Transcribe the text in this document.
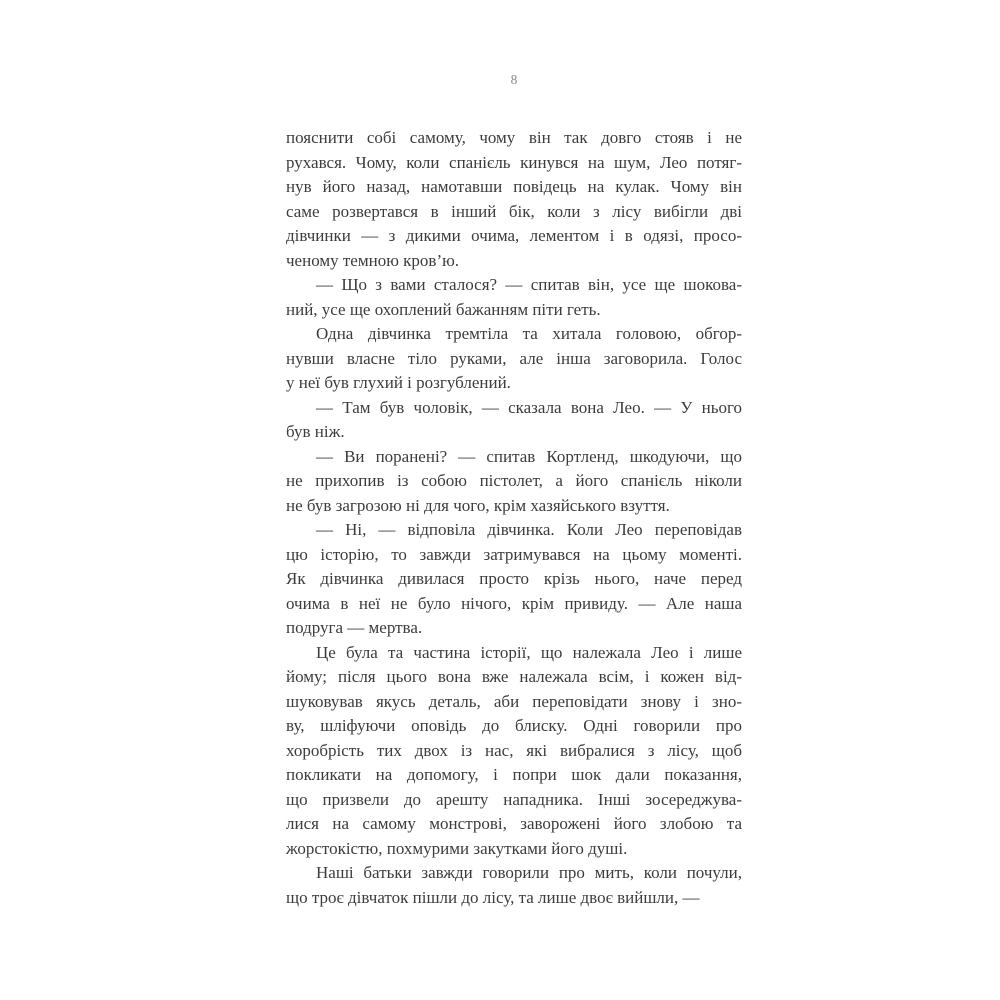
8
пояснити собі самому, чому він так довго стояв і не
рухався. Чому, коли спанієль кинувся на шум, Лео потяг-
нув його назад, намотавши повідець на кулак. Чому він
саме розвертався в інший бік, коли з лісу вибігли дві
дівчинки — з дикими очима, лементом і в одязі, просо-
ченому темною кров’ю.
— Що з вами сталося? — спитав він, усе ще шокова-
ний, усе ще охоплений бажанням піти геть.
Одна дівчинка тремтіла та хитала головою, обгор-
нувши власне тіло руками, але інша заговорила. Голос
у неї був глухий і розгублений.
— Там був чоловік, — сказала вона Лео. — У нього
був ніж.
— Ви поранені? — спитав Кортленд, шкодуючи, що
не прихопив із собою пістолет, а його спанієль ніколи
не був загрозою ні для чого, крім хазяйського взуття.
— Ні, — відповіла дівчинка. Коли Лео переповідав
цю історію, то завжди затримувався на цьому моменті.
Як дівчинка дивилася просто крізь нього, наче перед
очима в неї не було нічого, крім привиду. — Але наша
подруга — мертва.
Це була та частина історії, що належала Лео і лише
йому; після цього вона вже належала всім, і кожен від-
шуковував якусь деталь, аби переповідати знову і зно-
ву, шліфуючи оповідь до блиску. Одні говорили про
хоробрість тих двох із нас, які вибралися з лісу, щоб
покликати на допомогу, і попри шок дали показання,
що призвели до арешту нападника. Інші зосереджува-
лися на самому монстрові, заворожені його злобою та
жорстокістю, похмурими закутками його душі.
Наші батьки завжди говорили про мить, коли почули,
що троє дівчаток пішли до лісу, та лише двоє вийшли, —
